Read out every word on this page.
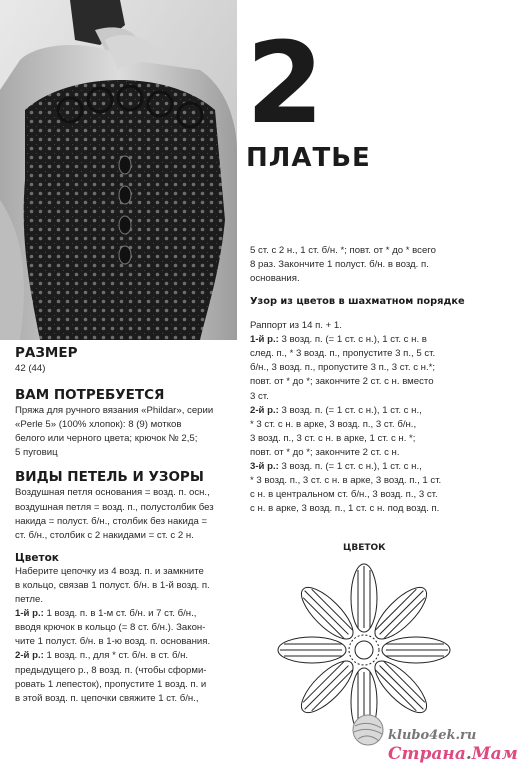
2
ПЛАТЬЕ

РАЗМЕР

42 (44)

ВАМ ПОТРЕБУЕТСЯ

Пряжа для ручного вязания «Phildar», серии

«Perle 5» (100% хлопок): 8 (9) мотков

белого или черного цвета; крючок № 2,5;

5 пуговиц

ВИДЫ ПЕТЕЛЬ И УЗОРЫ

Воздушная петля основания = возд. п. осн.,

воздушная петля = возд. п., полустолбик без

накида = полуст. б/н., столбик без накида =

ст. б/н., столбик с 2 накидами = ст. с 2 н.

Цветок

Наберите цепочку из 4 возд. п. и замкните

в кольцо, связав 1 полуст. б/н. в 1-й возд. п.

петле.

1-й р.: 1 возд. п. в 1-м ст. б/н. и 7 ст. б/н.,

вводя крючок в кольцо (= 8 ст. б/н.). Закон-

чите 1 полуст. б/н. в 1-ю возд. п. основания.

2-й р.: 1 возд. п., для * ст. б/н. в ст. б/н.

предыдущего р., 8 возд. п. (чтобы сформи-

ровать 1 лепесток), пропустите 1 возд. п. и

в этой возд. п. цепочки свяжите 1 ст. б/н.,

5 ст. с 2 н., 1 ст. б/н. *; повт. от * до * всего

8 раз. Закончите 1 полуст. б/н. в возд. п.

основания.

Узор из цветов в шахматном порядке

Раппорт из 14 п. + 1.

1-й р.: 3 возд. п. (= 1 ст. с н.), 1 ст. с н. в

след. п., * 3 возд. п., пропустите 3 п., 5 ст.

б/н., 3 возд. п., пропустите 3 п., 3 ст. с н.*;

повт. от * до *; закончите 2 ст. с н. вместо

3 ст.

2-й р.: 3 возд. п. (= 1 ст. с н.), 1 ст. с н.,

* 3 ст. с н. в арке, 3 возд. п., 3 ст. б/н.,

3 возд. п., 3 ст. с н. в арке, 1 ст. с н. *;

повт. от * до *; закончите 2 ст. с н.

3-й р.: 3 возд. п. (= 1 ст. с н.), 1 ст. с н.,

* 3 возд. п., 3 ст. с н. в арке, 3 возд. п., 1 ст.

с н. в центральном ст. б/н., 3 возд. п., 3 ст.

с н. в арке, 3 возд. п., 1 ст. с н. под возд. п.

ЦВЕТОК
klubo4ek.ru
Страна.Мам
